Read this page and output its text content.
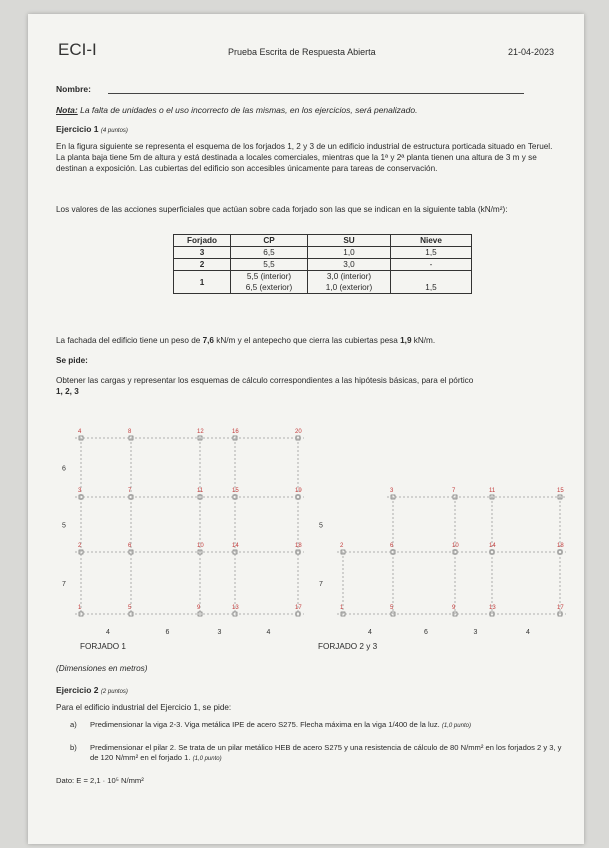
ECI-I	Prueba Escrita de Respuesta Abierta	21-04-2023
Nombre:
Nota: La falta de unidades o el uso incorrecto de las mismas, en los ejercicios, será penalizado.
Ejercicio 1 (4 puntos)
En la figura siguiente se representa el esquema de los forjados 1, 2 y 3 de un edificio industrial de estructura porticada situado en Teruel. La planta baja tiene 5m de altura y está destinada a locales comerciales, mientras que la 1ª y 2ª planta tienen una altura de 3 m y se destinan a exposición. Las cubiertas del edificio son accesibles únicamente para tareas de conservación.
Los valores de las acciones superficiales que actúan sobre cada forjado son las que se indican en la siguiente tabla (kN/m²):
Forjado	CP	SU	Nieve
3	6,5	1,0	1,5
2	5,5	3,0	-
1	5,5 (interior)	3,0 (interior)	1,5
	6,5 (exterior)	1,0 (exterior)	
La fachada del edificio tiene un peso de 7,6 kN/m y el antepecho que cierra las cubiertas pesa 1,9 kN/m.
Se pide:
Obtener las cargas y representar los esquemas de cálculo correspondientes a las hipótesis básicas, para el pórtico
1, 2, 3
4	8	12	16	20
3	7	11	15	19
2	6	10	14	18
1	5	9	13	17
6
5
7
4	6	3	4
3	7	11	15
2	6	10	14	18
1	5	9	13	17
5
7
4	6	3	4
FORJADO 1	FORJADO 2 y 3
(Dimensiones en metros)
Ejercicio 2 (2 puntos)
Para el edificio industrial del Ejercicio 1, se pide:
a) Predimensionar la viga 2-3. Viga metálica IPE de acero S275. Flecha máxima en la viga 1/400 de la luz. (1,0 punto)
b) Predimensionar el pilar 2. Se trata de un pilar metálico HEB de acero S275 y una resistencia de cálculo de 80 N/mm² en los forjados 2 y 3, y de 120 N/mm² en el forjado 1. (1,0 punto)
Dato: E = 2,1 · 10⁵ N/mm²
